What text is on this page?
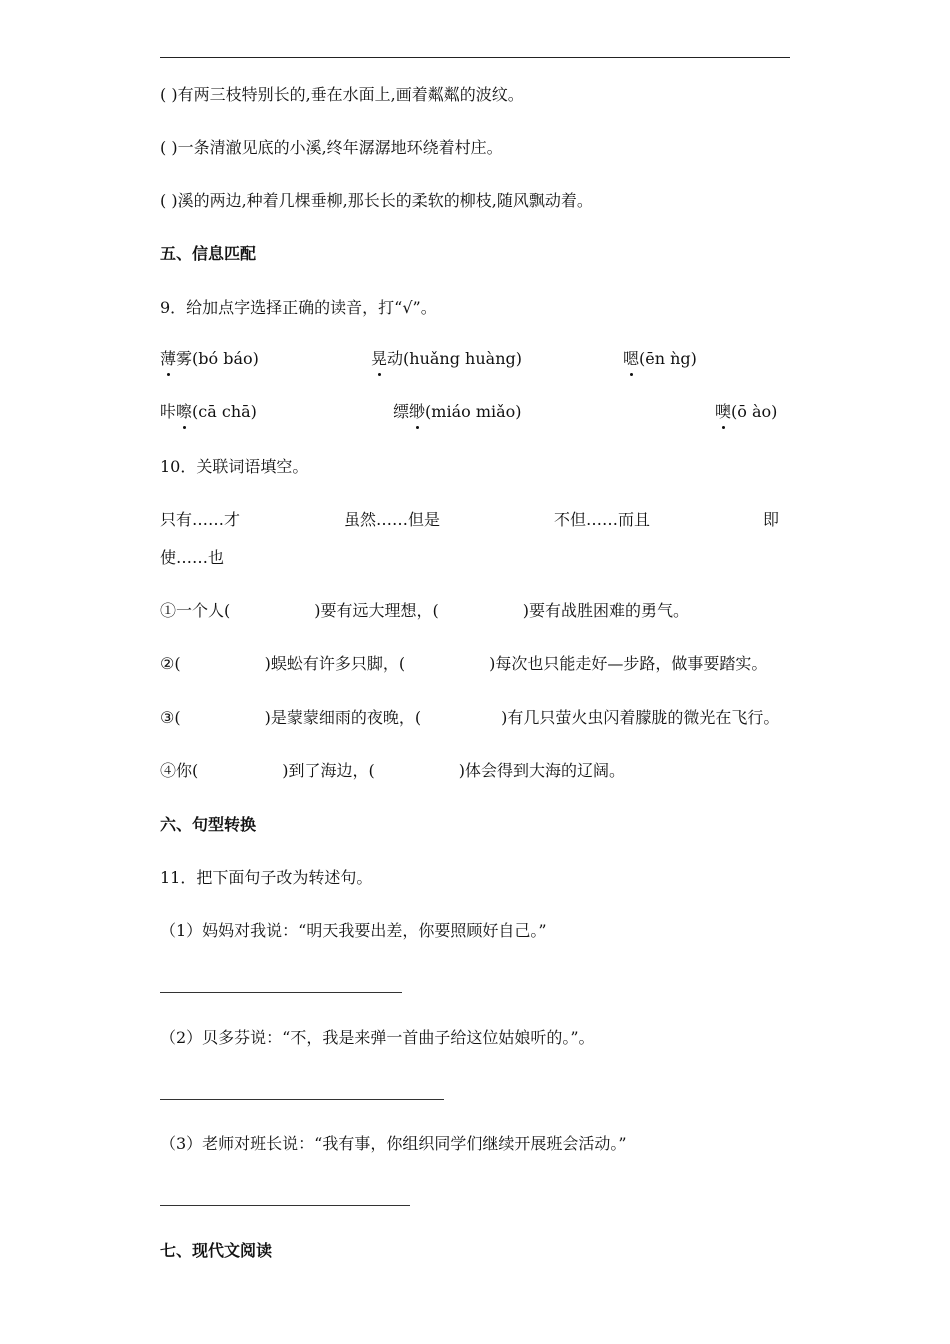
( )有两三枝特别长的,垂在水面上,画着粼粼的波纹。
( )一条清澈见底的小溪,终年潺潺地环绕着村庄。
( )溪的两边,种着几棵垂柳,那长长的柔软的柳枝,随风飘动着。
五、信息匹配
9．给加点字选择正确的读音，打“√”。
薄雾(bó báo)	晃动(huǎng huàng)	嗯(ēn ǹg)
咔嚓(cā chā)	缥缈(miáo miǎo)	噢(ō ào)
10．关联词语填空。
只有……才	虽然……但是	不但……而且	即
使……也
①一个人(	)要有远大理想，(	)要有战胜困难的勇气。
②(	)蜈蚣有许多只脚，(	)每次也只能走好—步路，做事要踏实。
③(	)是蒙蒙细雨的夜晚，(	)有几只萤火虫闪着朦胧的微光在飞行。
④你(	)到了海边，(	)体会得到大海的辽阔。
六、句型转换
11．把下面句子改为转述句。
（1）妈妈对我说：“明天我要出差，你要照顾好自己。”
（2）贝多芬说：“不，我是来弹一首曲子给这位姑娘听的。”。
（3）老师对班长说：“我有事，你组织同学们继续开展班会活动。”
七、现代文阅读
